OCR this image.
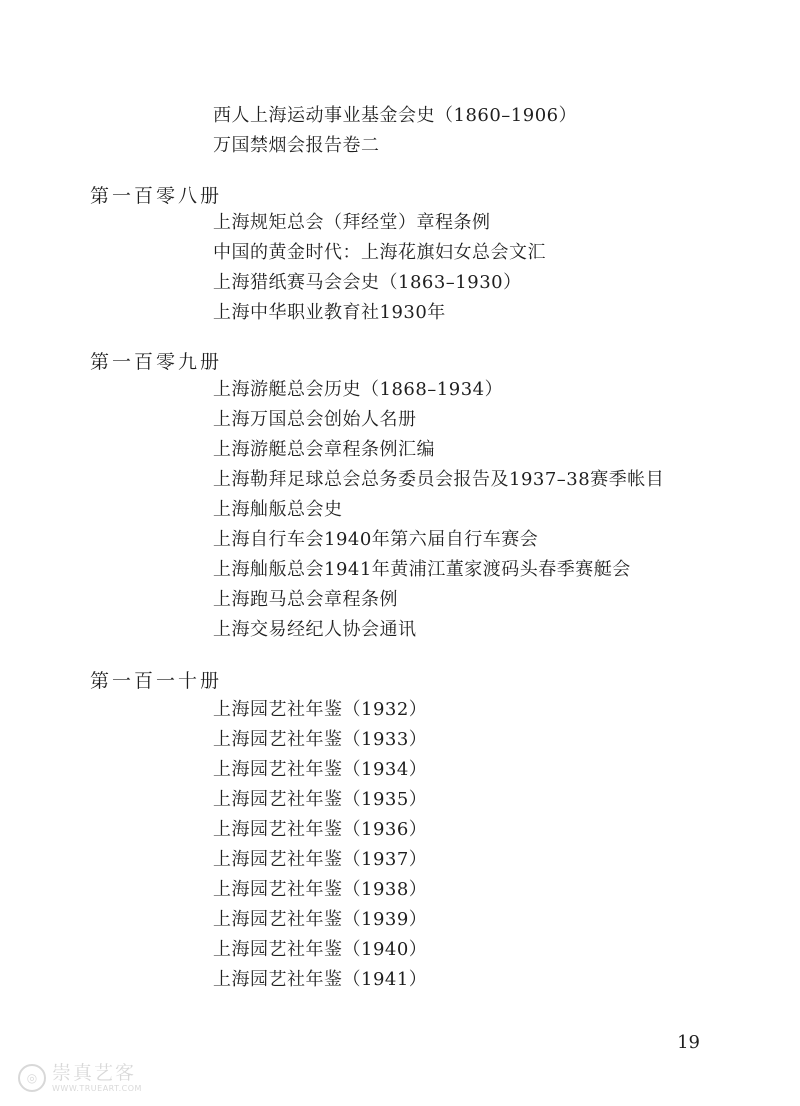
西人上海运动事业基金会史（1860–1906）
万国禁烟会报告卷二
第一百零八册
上海规矩总会（拜经堂）章程条例
中国的黄金时代：上海花旗妇女总会文汇
上海猎纸赛马会会史（1863–1930）
上海中华职业教育社1930年
第一百零九册
上海游艇总会历史（1868–1934）
上海万国总会创始人名册
上海游艇总会章程条例汇编
上海勒拜足球总会总务委员会报告及1937–38赛季帐目
上海舢舨总会史
上海自行车会1940年第六届自行车赛会
上海舢舨总会1941年黄浦江董家渡码头春季赛艇会
上海跑马总会章程条例
上海交易经纪人协会通讯
第一百一十册
上海园艺社年鉴（1932）
上海园艺社年鉴（1933）
上海园艺社年鉴（1934）
上海园艺社年鉴（1935）
上海园艺社年鉴（1936）
上海园艺社年鉴（1937）
上海园艺社年鉴（1938）
上海园艺社年鉴（1939）
上海园艺社年鉴（1940）
上海园艺社年鉴（1941）
19
◎ 崇真艺客
WWW.TRUEART.COM
